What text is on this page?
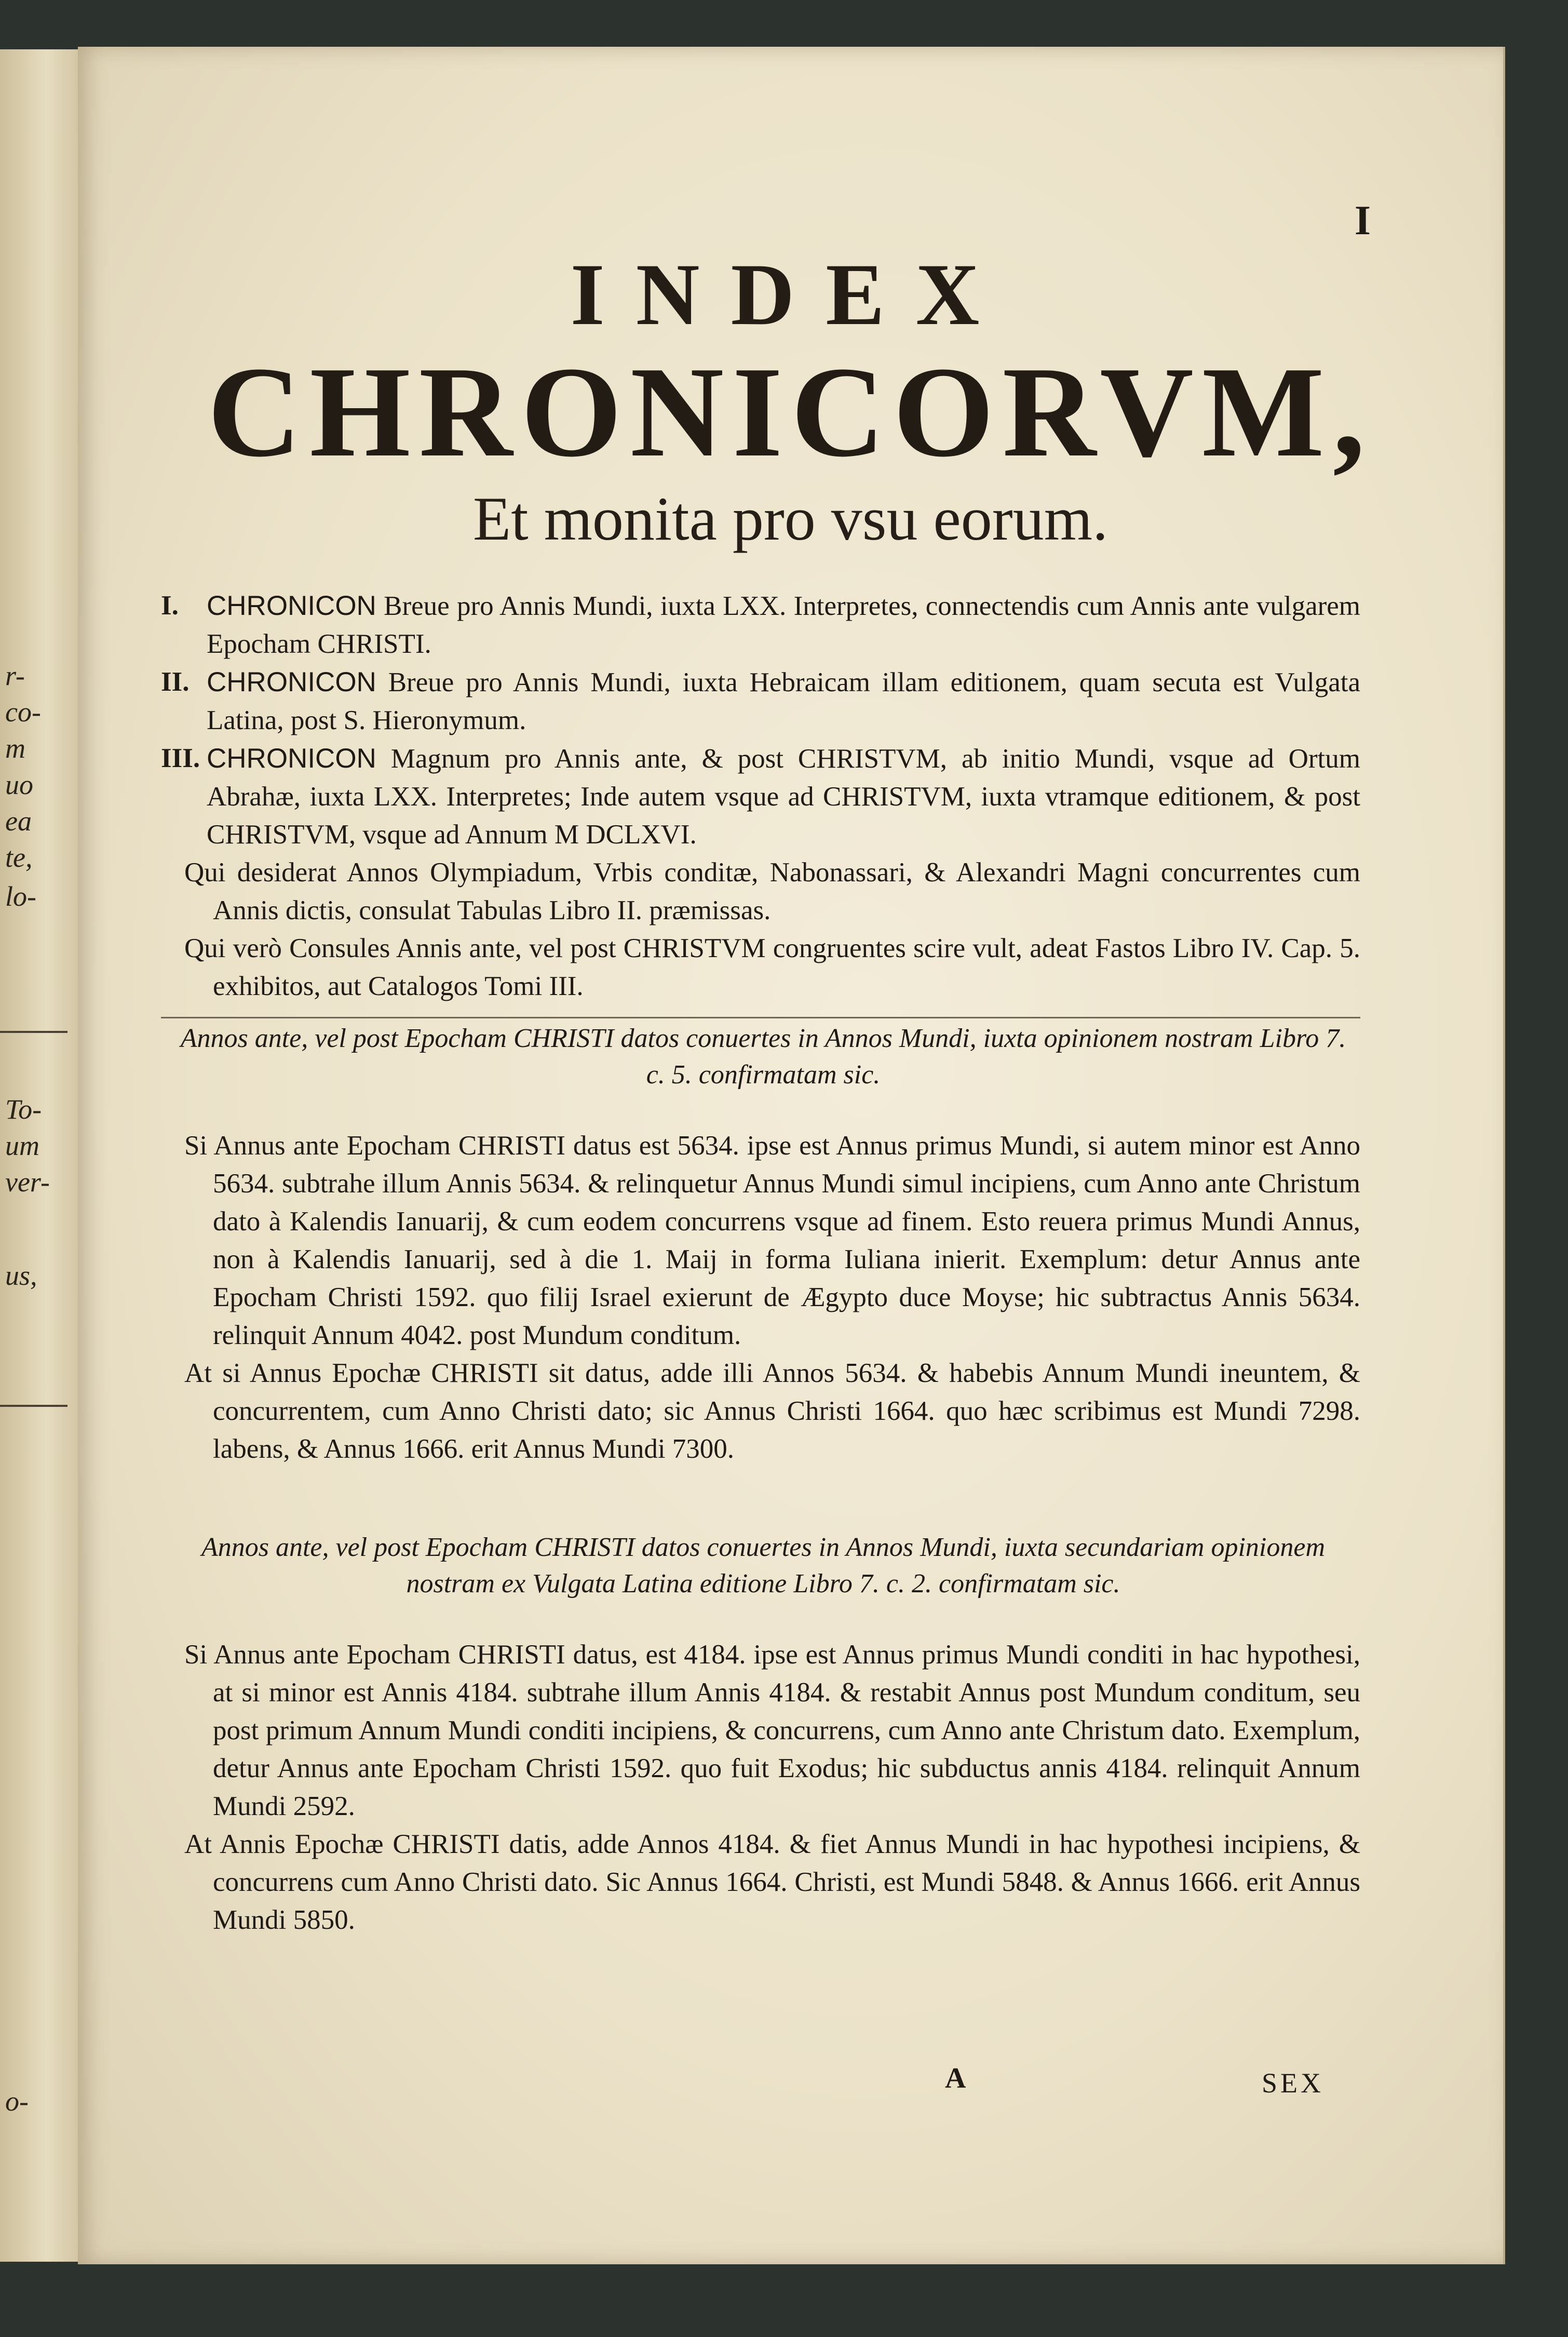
r-
co-
m
uo
ea
te,
lo-
To-
um
ver-
us,
o-
I
INDEX
CHRONICORVM,
Et monita pro vsu eorum.
I. CHRONICON Breue pro Annis Mundi, iuxta LXX. Interpretes, connectendis cum Annis ante vulgarem Epocham CHRISTI.
II. CHRONICON Breue pro Annis Mundi, iuxta Hebraicam illam editionem, quam secuta est Vulgata Latina, post S. Hieronymum.
III. CHRONICON Magnum pro Annis ante, & post CHRISTVM, ab initio Mundi, vsque ad Ortum Abrahæ, iuxta LXX. Interpretes; Inde autem vsque ad CHRISTVM, iuxta vtramque editionem, & post CHRISTVM, vsque ad Annum M DCLXVI.
Qui desiderat Annos Olympiadum, Vrbis conditæ, Nabonassari, & Alexandri Magni concurrentes cum Annis dictis, consulat Tabulas Libro II. præmissas.
Qui verò Consules Annis ante, vel post CHRISTVM congruentes scire vult, adeat Fastos Libro IV. Cap. 5. exhibitos, aut Catalogos Tomi III.
Annos ante, vel post Epocham CHRISTI datos conuertes in Annos Mundi, iuxta opinionem nostram Libro 7. c. 5. confirmatam sic.
Si Annus ante Epocham CHRISTI datus est 5634. ipse est Annus primus Mundi, si autem minor est Anno 5634. subtrahe illum Annis 5634. & relinquetur Annus Mundi simul incipiens, cum Anno ante Christum dato à Kalendis Ianuarij, & cum eodem concurrens vsque ad finem. Esto reuera primus Mundi Annus, non à Kalendis Ianuarij, sed à die 1. Maij in forma Iuliana inierit. Exemplum: detur Annus ante Epocham Christi 1592. quo filij Israel exierunt de Ægypto duce Moyse; hic subtractus Annis 5634. relinquit Annum 4042. post Mundum conditum.
At si Annus Epochæ CHRISTI sit datus, adde illi Annos 5634. & habebis Annum Mundi ineuntem, & concurrentem, cum Anno Christi dato; sic Annus Christi 1664. quo hæc scribimus est Mundi 7298. labens, & Annus 1666. erit Annus Mundi 7300.
Annos ante, vel post Epocham CHRISTI datos conuertes in Annos Mundi, iuxta secundariam opinionem nostram ex Vulgata Latina editione Libro 7. c. 2. confirmatam sic.
Si Annus ante Epocham CHRISTI datus, est 4184. ipse est Annus primus Mundi conditi in hac hypothesi, at si minor est Annis 4184. subtrahe illum Annis 4184. & restabit Annus post Mundum conditum, seu post primum Annum Mundi conditi incipiens, & concurrens, cum Anno ante Christum dato. Exemplum, detur Annus ante Epocham Christi 1592. quo fuit Exodus; hic subductus annis 4184. relinquit Annum Mundi 2592.
At Annis Epochæ CHRISTI datis, adde Annos 4184. & fiet Annus Mundi in hac hypothesi incipiens, & concurrens cum Anno Christi dato. Sic Annus 1664. Christi, est Mundi 5848. & Annus 1666. erit Annus Mundi 5850.
A	SEX
